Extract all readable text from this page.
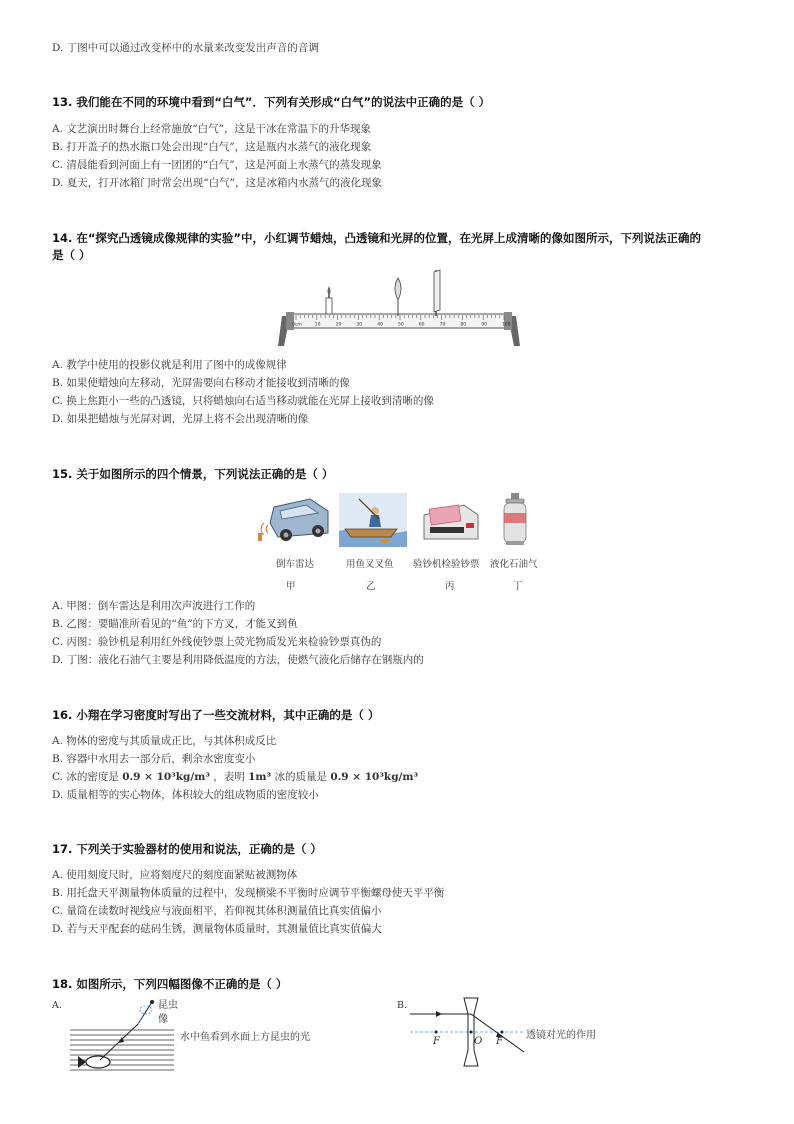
D. 丁图中可以通过改变杯中的水量来改变发出声音的音调
13. 我们能在不同的环境中看到“白气”．下列有关形成“白气”的说法中正确的是（ ）
A. 文艺演出时舞台上经常施放“白气”，这是干冰在常温下的升华现象
B. 打开盖子的热水瓶口处会出现“白气”，这是瓶内水蒸气的液化现象
C. 清晨能看到河面上有一团团的“白气”，这是河面上水蒸气的蒸发现象
D. 夏天，打开冰箱门时常会出现“白气”，这是冰箱内水蒸气的液化现象
14. 在“探究凸透镜成像规律的实验”中，小红调节蜡烛，凸透镜和光屏的位置，在光屏上成清晰的像如图所示，下列说法正确的
是（ ）
0cm	10	20	30	40	50	60	70	80	90	100
A. 教学中使用的投影仪就是利用了图中的成像规律
B. 如果使蜡烛向左移动，光屏需要向右移动才能接收到清晰的像
C. 换上焦距小一些的凸透镜，只将蜡烛向右适当移动就能在光屏上接收到清晰的像
D. 如果把蜡烛与光屏对调，光屏上将不会出现清晰的像
15. 关于如图所示的四个情景，下列说法正确的是（ ）
倒车雷达	用鱼叉叉鱼 验钞机检验钞票 液化石油气
甲	乙	丙	丁
A. 甲图：倒车雷达是利用次声波进行工作的
B. 乙图：要瞄准所看见的“鱼”的下方叉，才能叉到鱼
C. 丙图：验钞机是利用红外线使钞票上荧光物质发光来检验钞票真伪的
D. 丁图：液化石油气主要是利用降低温度的方法，使燃气液化后储存在钢瓶内的
16. 小翔在学习密度时写出了一些交流材料，其中正确的是（ ）
A. 物体的密度与其质量成正比，与其体积成反比
B. 容器中水用去一部分后，剩余水密度变小
C. 冰的密度是 0.9 × 10³kg/m³ ，表明 1m³ 冰的质量是 0.9 × 10³kg/m³
D. 质量相等的实心物体，体积较大的组成物质的密度较小
17. 下列关于实验器材的使用和说法，正确的是（ ）
A. 使用刻度尺时，应将刻度尺的刻度面紧贴被测物体
B. 用托盘天平测量物体质量的过程中，发现横梁不平衡时应调节平衡螺母使天平平衡
C. 量筒在读数时视线应与液面相平，若仰视其体积测量值比真实值偏小
D. 若与天平配套的砝码生锈，测量物体质量时，其测量值比真实值偏大
18. 如图所示，下列四幅图像不正确的是（ ）
A.	昆虫
像
水中鱼看到水面上方昆虫的光
B.
F	O F
透镜对光的作用
